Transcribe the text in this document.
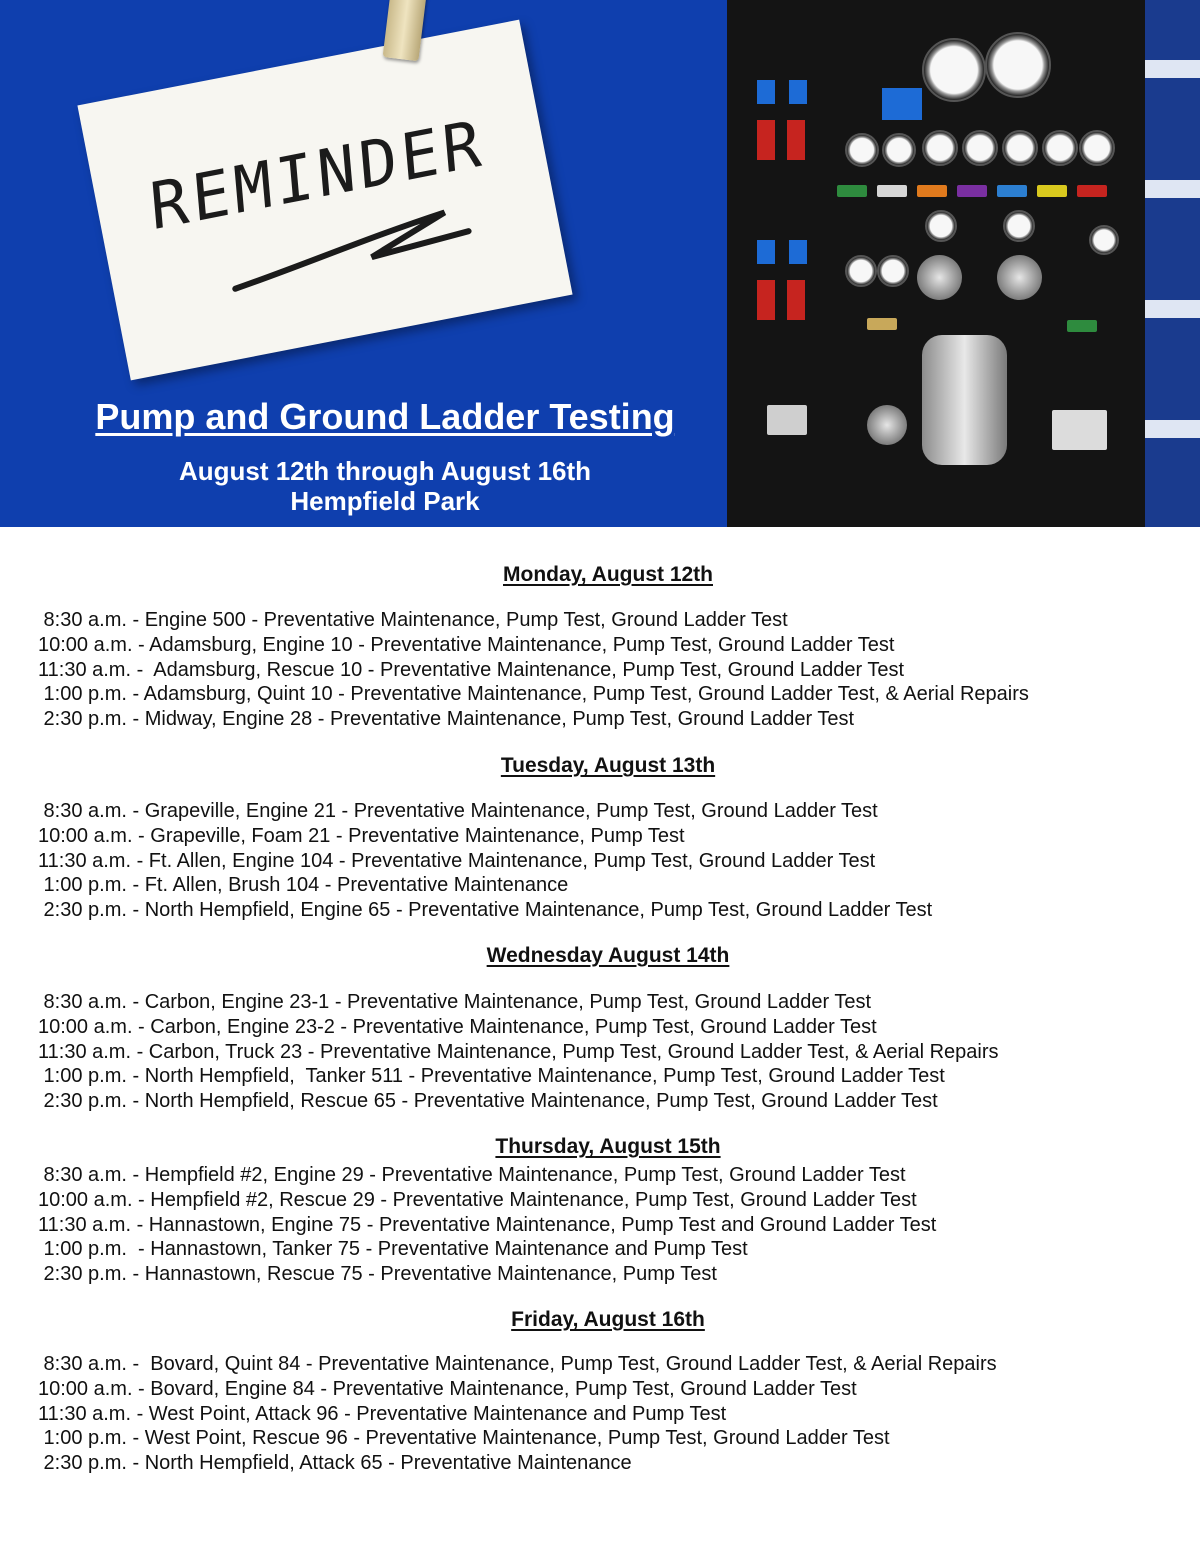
REMINDER
Pump and Ground Ladder Testing
August 12th through August 16th
Hempfield Park
Monday, August 12th
8:30 a.m. - Engine 500 - Preventative Maintenance, Pump Test, Ground Ladder Test
10:00 a.m. - Adamsburg, Engine 10 - Preventative Maintenance, Pump Test, Ground Ladder Test
11:30 a.m. -  Adamsburg, Rescue 10 - Preventative Maintenance, Pump Test, Ground Ladder Test
1:00 p.m. - Adamsburg, Quint 10 - Preventative Maintenance, Pump Test, Ground Ladder Test, & Aerial Repairs
2:30 p.m. - Midway, Engine 28 - Preventative Maintenance, Pump Test, Ground Ladder Test
Tuesday, August 13th
8:30 a.m. - Grapeville, Engine 21 - Preventative Maintenance, Pump Test, Ground Ladder Test
10:00 a.m. - Grapeville, Foam 21 - Preventative Maintenance, Pump Test
11:30 a.m. - Ft. Allen, Engine 104 - Preventative Maintenance, Pump Test, Ground Ladder Test
1:00 p.m. - Ft. Allen, Brush 104 - Preventative Maintenance
2:30 p.m. - North Hempfield, Engine 65 - Preventative Maintenance, Pump Test, Ground Ladder Test
Wednesday August 14th
8:30 a.m. - Carbon, Engine 23-1 - Preventative Maintenance, Pump Test, Ground Ladder Test
10:00 a.m. - Carbon, Engine 23-2 - Preventative Maintenance, Pump Test, Ground Ladder Test
11:30 a.m. - Carbon, Truck 23 - Preventative Maintenance, Pump Test, Ground Ladder Test, & Aerial Repairs
1:00 p.m. - North Hempfield,  Tanker 511 - Preventative Maintenance, Pump Test, Ground Ladder Test
2:30 p.m. - North Hempfield, Rescue 65 - Preventative Maintenance, Pump Test, Ground Ladder Test
Thursday, August 15th
8:30 a.m. - Hempfield #2, Engine 29 - Preventative Maintenance, Pump Test, Ground Ladder Test
10:00 a.m. - Hempfield #2, Rescue 29 - Preventative Maintenance, Pump Test, Ground Ladder Test
11:30 a.m. - Hannastown, Engine 75 - Preventative Maintenance, Pump Test and Ground Ladder Test
1:00 p.m.  - Hannastown, Tanker 75 - Preventative Maintenance and Pump Test
2:30 p.m. - Hannastown, Rescue 75 - Preventative Maintenance, Pump Test
Friday, August 16th
8:30 a.m. -  Bovard, Quint 84 - Preventative Maintenance, Pump Test, Ground Ladder Test, & Aerial Repairs
10:00 a.m. - Bovard, Engine 84 - Preventative Maintenance, Pump Test, Ground Ladder Test
11:30 a.m. - West Point, Attack 96 - Preventative Maintenance and Pump Test
1:00 p.m. - West Point, Rescue 96 - Preventative Maintenance, Pump Test, Ground Ladder Test
2:30 p.m. - North Hempfield, Attack 65 - Preventative Maintenance
